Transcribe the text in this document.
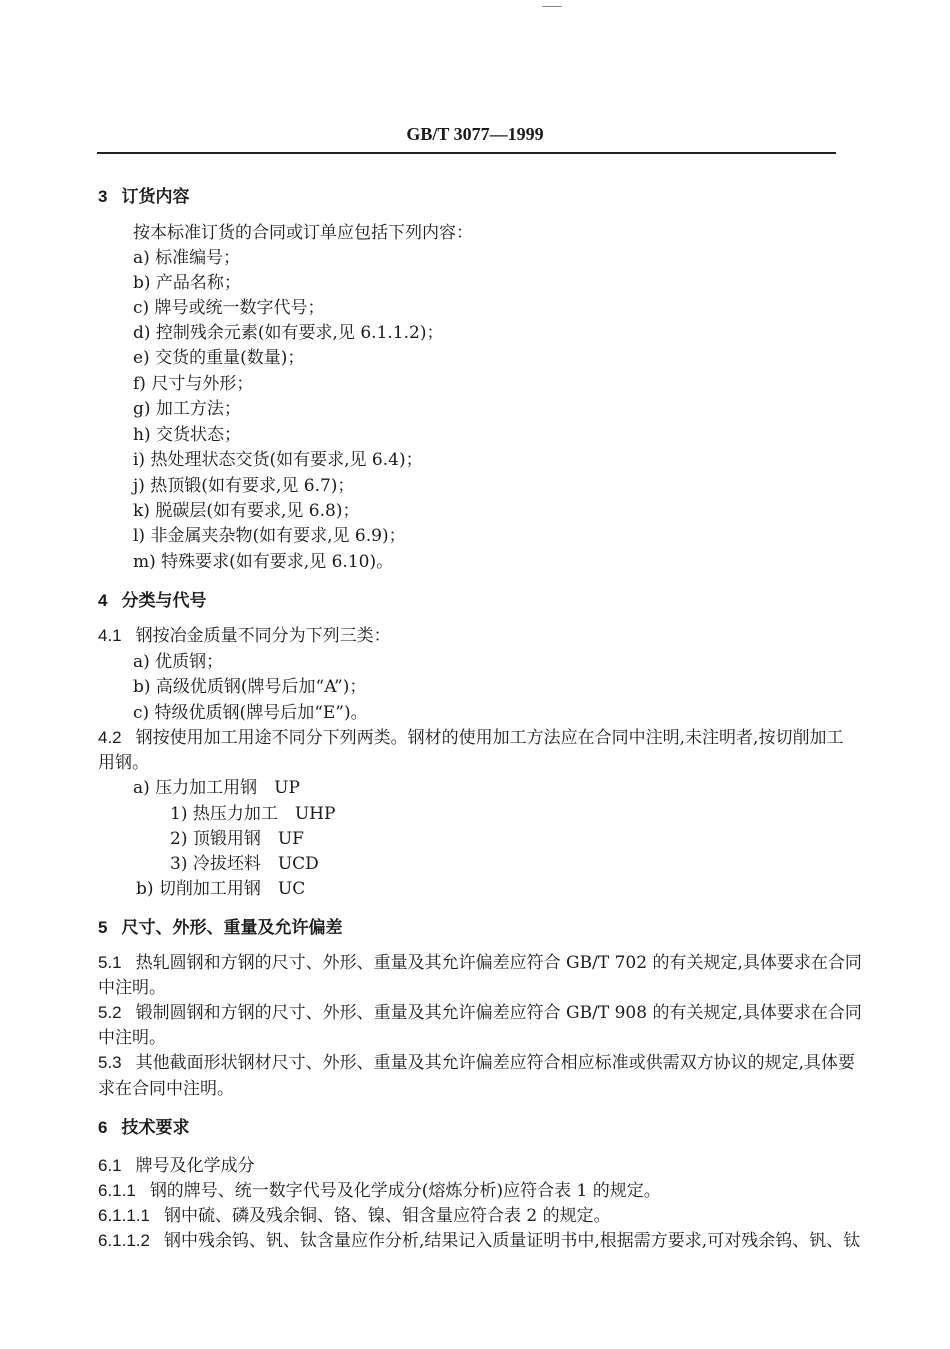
GB/T 3077—1999
3 订货内容
按本标准订货的合同或订单应包括下列内容：
a) 标准编号；
b) 产品名称；
c) 牌号或统一数字代号；
d) 控制残余元素(如有要求,见 6.1.1.2)；
e) 交货的重量(数量)；
f) 尺寸与外形；
g) 加工方法；
h) 交货状态；
i) 热处理状态交货(如有要求,见 6.4)；
j) 热顶锻(如有要求,见 6.7)；
k) 脱碳层(如有要求,见 6.8)；
l) 非金属夹杂物(如有要求,见 6.9)；
m) 特殊要求(如有要求,见 6.10)。
4 分类与代号
4.1 钢按冶金质量不同分为下列三类：
a) 优质钢；
b) 高级优质钢(牌号后加“A”)；
c) 特级优质钢(牌号后加“E”)。
4.2 钢按使用加工用途不同分下列两类。钢材的使用加工方法应在合同中注明,未注明者,按切削加工
用钢。
a) 压力加工用钢　UP
1) 热压力加工　UHP
2) 顶锻用钢　UF
3) 冷拔坯料　UCD
b) 切削加工用钢　UC
5 尺寸、外形、重量及允许偏差
5.1 热轧圆钢和方钢的尺寸、外形、重量及其允许偏差应符合 GB/T 702 的有关规定,具体要求在合同
中注明。
5.2 锻制圆钢和方钢的尺寸、外形、重量及其允许偏差应符合 GB/T 908 的有关规定,具体要求在合同
中注明。
5.3 其他截面形状钢材尺寸、外形、重量及其允许偏差应符合相应标准或供需双方协议的规定,具体要
求在合同中注明。
6 技术要求
6.1 牌号及化学成分
6.1.1 钢的牌号、统一数字代号及化学成分(熔炼分析)应符合表 1 的规定。
6.1.1.1 钢中硫、磷及残余铜、铬、镍、钼含量应符合表 2 的规定。
6.1.1.2 钢中残余钨、钒、钛含量应作分析,结果记入质量证明书中,根据需方要求,可对残余钨、钒、钛
